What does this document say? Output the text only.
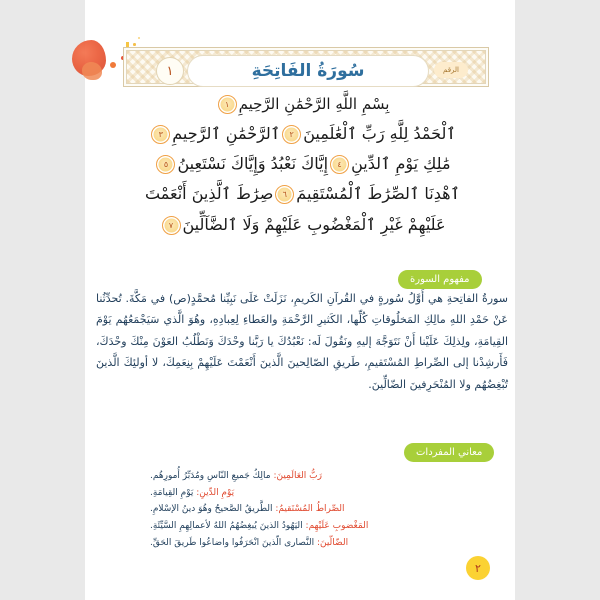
سُورَةُ الفَاتِحَةِ
١	الرقم
بِسْمِ اللَّهِ الرَّحْمَٰنِ الرَّحِيمِ١
ٱلْحَمْدُ لِلَّهِ رَبِّ ٱلْعَٰلَمِينَ٢ٱلرَّحْمَٰنِ ٱلرَّحِيمِ٣
مَٰلِكِ يَوْمِ ٱلدِّينِ٤إِيَّاكَ نَعْبُدُ وَإِيَّاكَ نَسْتَعِينُ٥
ٱهْدِنَا ٱلصِّرَٰطَ ٱلْمُسْتَقِيمَ٦صِرَٰطَ ٱلَّذِينَ أَنْعَمْتَ
عَلَيْهِمْ غَيْرِ ٱلْمَغْضُوبِ عَلَيْهِمْ وَلَا ٱلضَّآلِّينَ٧
مفهوم السورة

سورةُ الفاتِحةِ هي أَوَّلُ سُورةٍ في القُرآنِ الكَريمِ، نَزَلَتْ عَلَى نَبِيِّنا مُحمَّدٍ(ص) في مَكَّةَ. تُحدِّثُنا عَنْ حَمْدِ اللهِ مالِكِ المَخلُوقاتِ كُلِّها، الكَثيرِ الرَّحْمَةِ والعَطاءِ لِعِبادِهِ، وهُوَ الَّذي سَيَجْمَعُهُم يَوْمَ القِيامَةِ، ولِذلِكَ عَلَيْنا أَنْ نَتَوَجَّهَ إليهِ ونَقُولَ لَه: نَعْبُدُكَ يا رَبَّنا وحْدَكَ وَنَطْلُبُ العَوْنَ مِنْكَ وحْدَكَ، فَأَرشِدْنا إلى الصِّراطِ المُسْتَقيمِ، طَريقِ الصّالِحينَ الَّذينَ أَنْعَمْتَ عَلَيْهِمْ بِنِعَمِكَ، لا أولئِكَ الَّذينَ تُبْغِضُهُم ولا المُنْحَرِفينَ الضّالِّينَ.

معاني المفردات
رَبُّ العَالَمِينَ: مالِكُ جَميعِ النّاسِ ومُدَبِّرُ أُمورِهُم.
يَوْمِ الدِّينِ: يَوْمِ القِيامَةِ.
الصِّراطُ المُسْتَقيمُ: الطَّريقُ الصَّحيحُ وهُوَ دينُ الإسْلامِ.
المَغْضوبِ عَلَيْهِم: اليَهُودُ الذينَ يُبغِضُهُمُ اللهُ لأعمالِهِمِ السَّيِّئَةِ.
الضّالّينَ: النَّصارى الّذينَ انْحَرَفُوا واضاعُوا طَريقَ الحَقِّ.
٢
